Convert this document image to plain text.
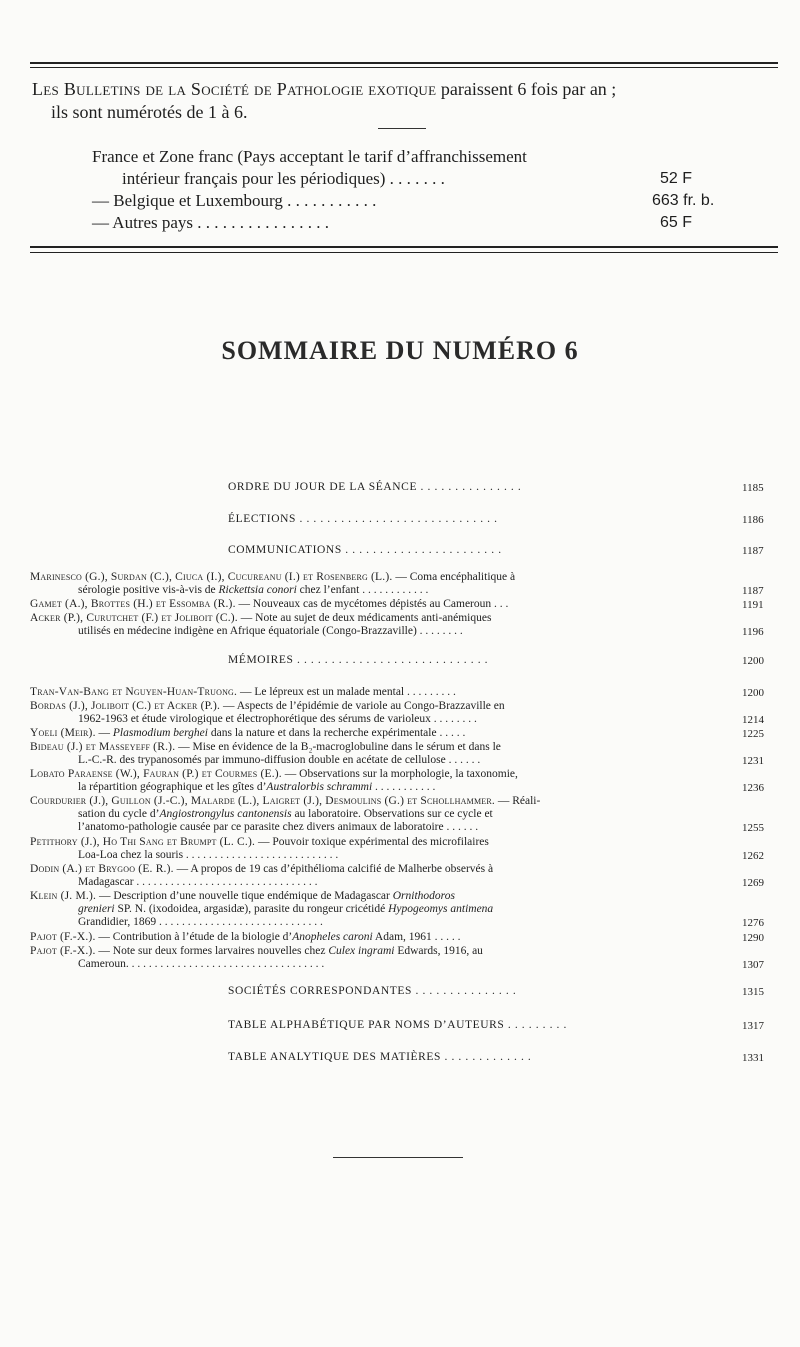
Les Bulletins de la Société de Pathologie exotique paraissent 6 fois par an ;
ils sont numérotés de 1 à 6.
France et Zone franc (Pays acceptant le tarif d’affranchissement
intérieur français pour les périodiques) . . . . . . .	52 F
— Belgique et Luxembourg . . . . . . . . . . .	663 fr. b.
— Autres pays . . . . . . . . . . . . . . . .	65 F
SOMMAIRE DU NUMÉRO 6
ORDRE DU JOUR DE LA SÉANCE . . . . . . . . . . . . . . .	1185
ÉLECTIONS . . . . . . . . . . . . . . . . . . . . . . . . . . . . .	1186
COMMUNICATIONS . . . . . . . . . . . . . . . . . . . . . . .	1187
Marinesco (G.), Surdan (C.), Ciuca (I.), Cucureanu (I.) et Rosenberg (L.). — Coma encéphalitique à
sérologie positive vis-à-vis de Rickettsia conori chez l’enfant . . . . . . . . . . . .	1187
Gamet (A.), Brottes (H.) et Essomba (R.). — Nouveaux cas de mycétomes dépistés au Cameroun . . .	1191
Acker (P.), Curutchet (F.) et Joliboit (C.). — Note au sujet de deux médicaments anti-anémiques
utilisés en médecine indigène en Afrique équatoriale (Congo-Brazzaville) . . . . . . . .	1196
MÉMOIRES . . . . . . . . . . . . . . . . . . . . . . . . . . . .	1200
Tran-Van-Bang et Nguyen-Huan-Truong. — Le lépreux est un malade mental . . . . . . . . .	1200
Bordas (J.), Joliboit (C.) et Acker (P.). — Aspects de l’épidémie de variole au Congo-Brazzaville en
1962-1963 et étude virologique et électrophorétique des sérums de varioleux . . . . . . . .	1214
Yoeli (Meir). — Plasmodium berghei dans la nature et dans la recherche expérimentale . . . . .	1225
Bideau (J.) et Masseyeff (R.). — Mise en évidence de la B₂-macroglobuline dans le sérum et dans le
L.-C.-R. des trypanosomés par immuno-diffusion double en acétate de cellulose . . . . . .	1231
Lobato Paraense (W.), Fauran (P.) et Courmes (E.). — Observations sur la morphologie, la taxonomie,
la répartition géographique et les gîtes d’Australorbis schrammi . . . . . . . . . . .	1236
Courdurier (J.), Guillon (J.-C.), Malarde (L.), Laigret (J.), Desmoulins (G.) et Schollhammer. — Réali-
sation du cycle d’Angiostrongylus cantonensis au laboratoire. Observations sur ce cycle et
l’anatomo-pathologie causée par ce parasite chez divers animaux de laboratoire . . . . . .	1255
Petithory (J.), Ho Thi Sang et Brumpt (L. C.). — Pouvoir toxique expérimental des microfilaires
Loa-Loa chez la souris . . . . . . . . . . . . . . . . . . . . . . . . . . .	1262
Dodin (A.) et Brygoo (E. R.). — A propos de 19 cas d’épithélioma calcifié de Malherbe observés à
Madagascar . . . . . . . . . . . . . . . . . . . . . . . . . . . . . . . .	1269
Klein (J. M.). — Description d’une nouvelle tique endémique de Madagascar Ornithodoros
grenieri SP. N. (ixodoidea, argasidæ), parasite du rongeur cricétidé Hypogeomys antimena
Grandidier, 1869 . . . . . . . . . . . . . . . . . . . . . . . . . . . . .	1276
Pajot (F.-X.). — Contribution à l’étude de la biologie d’Anopheles caroni Adam, 1961 . . . . .	1290
Pajot (F.-X.). — Note sur deux formes larvaires nouvelles chez Culex ingrami Edwards, 1916, au
Cameroun. . . . . . . . . . . . . . . . . . . . . . . . . . . . . . . . . . .	1307
SOCIÉTÉS CORRESPONDANTES . . . . . . . . . . . . . . .	1315
TABLE ALPHABÉTIQUE PAR NOMS D’AUTEURS . . . . . . . . .	1317
TABLE ANALYTIQUE DES MATIÈRES . . . . . . . . . . . . .	1331
